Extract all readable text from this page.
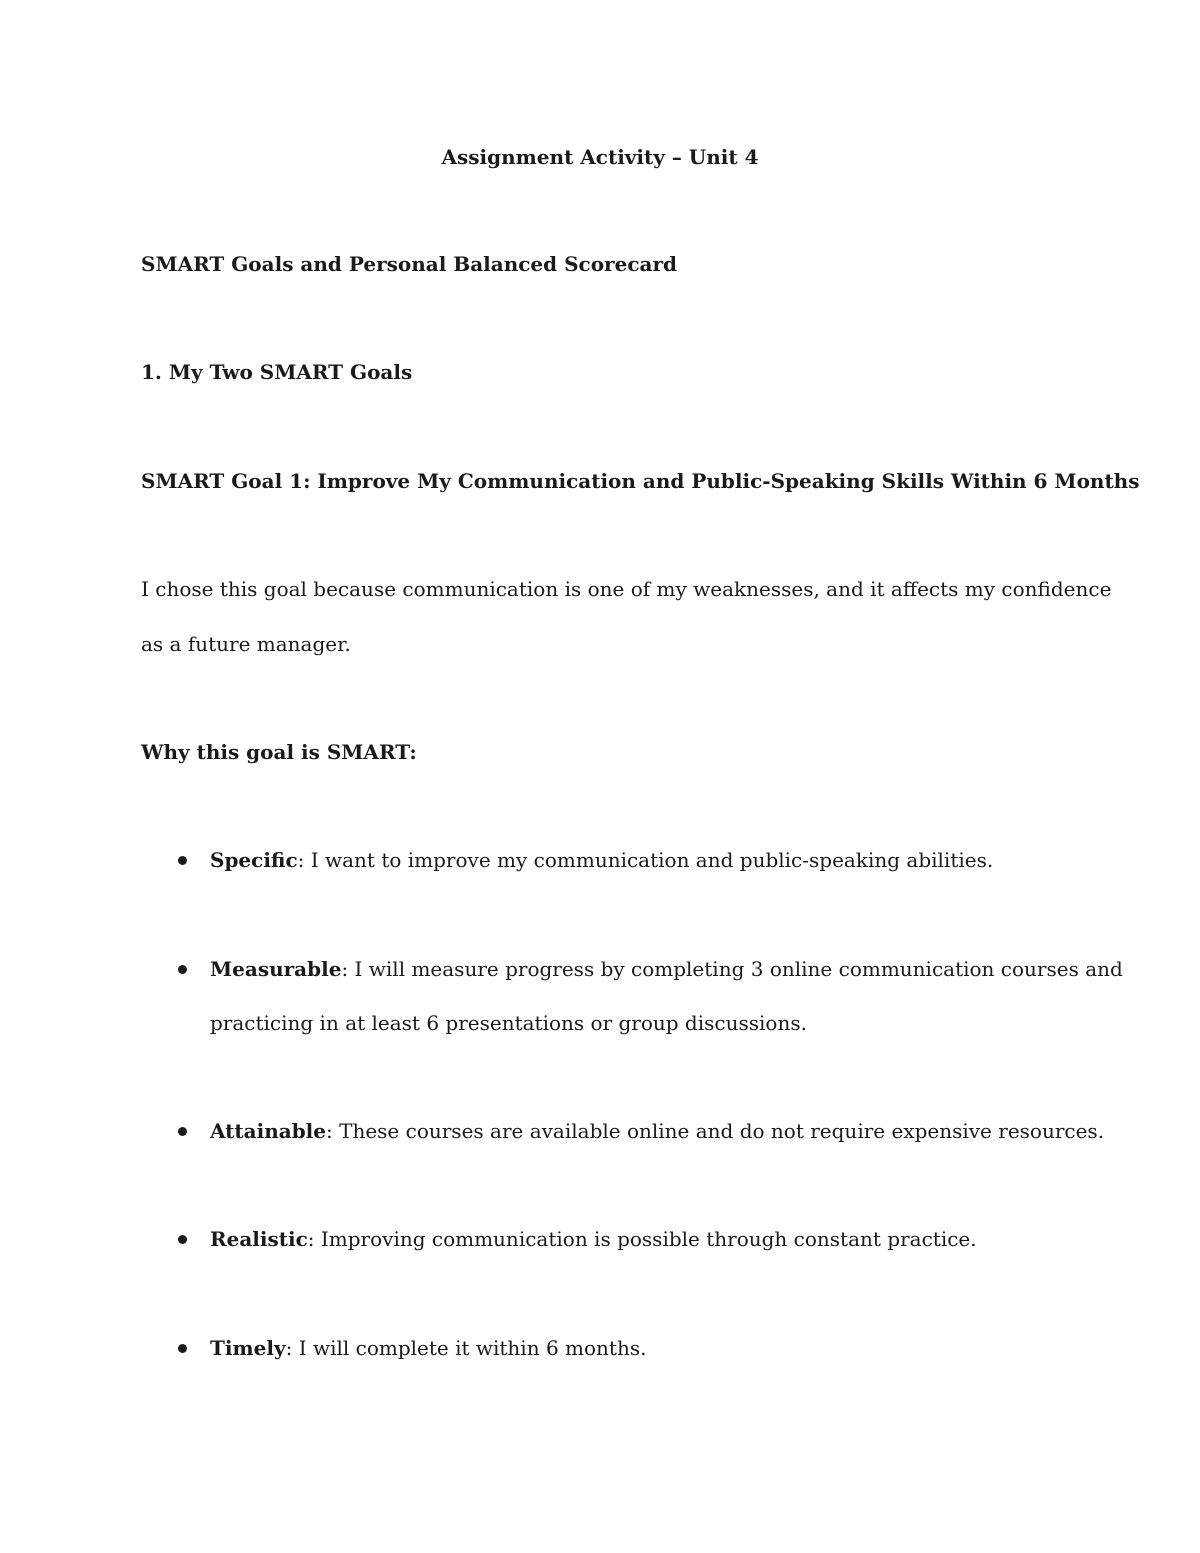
Assignment Activity – Unit 4
SMART Goals and Personal Balanced Scorecard
1. My Two SMART Goals
SMART Goal 1: Improve My Communication and Public-Speaking Skills Within 6 Months
I chose this goal because communication is one of my weaknesses, and it affects my confidence
as a future manager.
Why this goal is SMART:
Specific: I want to improve my communication and public-speaking abilities.
Measurable: I will measure progress by completing 3 online communication courses and
practicing in at least 6 presentations or group discussions.
Attainable: These courses are available online and do not require expensive resources.
Realistic: Improving communication is possible through constant practice.
Timely: I will complete it within 6 months.
